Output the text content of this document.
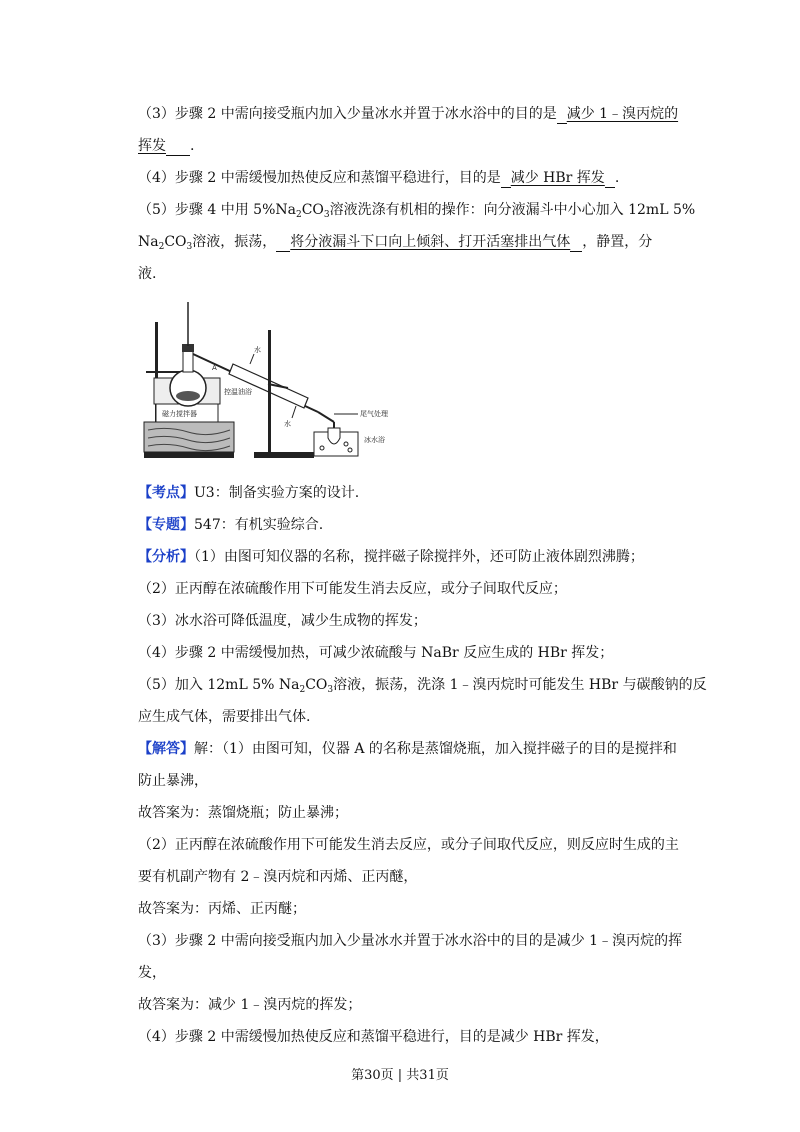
（3）步骤 2 中需向接受瓶内加入少量冰水并置于冰水浴中的目的是 减少 1﹣溴丙烷的
挥发 .
（4）步骤 2 中需缓慢加热使反应和蒸馏平稳进行，目的是 减少 HBr 挥发 .
（5）步骤 4 中用 $5\%Na_2CO_3$溶液洗涤有机相的操作：向分液漏斗中小心加入 12mL 5%
$Na_2CO_3$溶液，振荡， 将分液漏斗下口向上倾斜、打开活塞排出气体 ，静置，分
液.
磁力搅拌器
控温油浴
A
水
水
尾气处理
冰水浴
【考点】U3：制备实验方案的设计.
【专题】547：有机实验综合.
【分析】（1）由图可知仪器的名称，搅拌磁子除搅拌外，还可防止液体剧烈沸腾；
（2）正丙醇在浓硫酸作用下可能发生消去反应，或分子间取代反应；
（3）冰水浴可降低温度，减少生成物的挥发；
（4）步骤 2 中需缓慢加热，可减少浓硫酸与 NaBr 反应生成的 HBr 挥发；
（5）加入 12mL 5% $Na_2CO_3$溶液，振荡，洗涤 1﹣溴丙烷时可能发生 HBr 与碳酸钠的反
应生成气体，需要排出气体.
【解答】解：（1）由图可知，仪器 A 的名称是蒸馏烧瓶，加入搅拌磁子的目的是搅拌和
防止暴沸，
故答案为：蒸馏烧瓶；防止暴沸；
（2）正丙醇在浓硫酸作用下可能发生消去反应，或分子间取代反应，则反应时生成的主
要有机副产物有 2﹣溴丙烷和丙烯、正丙醚，
故答案为：丙烯、正丙醚；
（3）步骤 2 中需向接受瓶内加入少量冰水并置于冰水浴中的目的是减少 1﹣溴丙烷的挥
发，
故答案为：减少 1﹣溴丙烷的挥发；
（4）步骤 2 中需缓慢加热使反应和蒸馏平稳进行，目的是减少 HBr 挥发，
第30页 | 共31页
